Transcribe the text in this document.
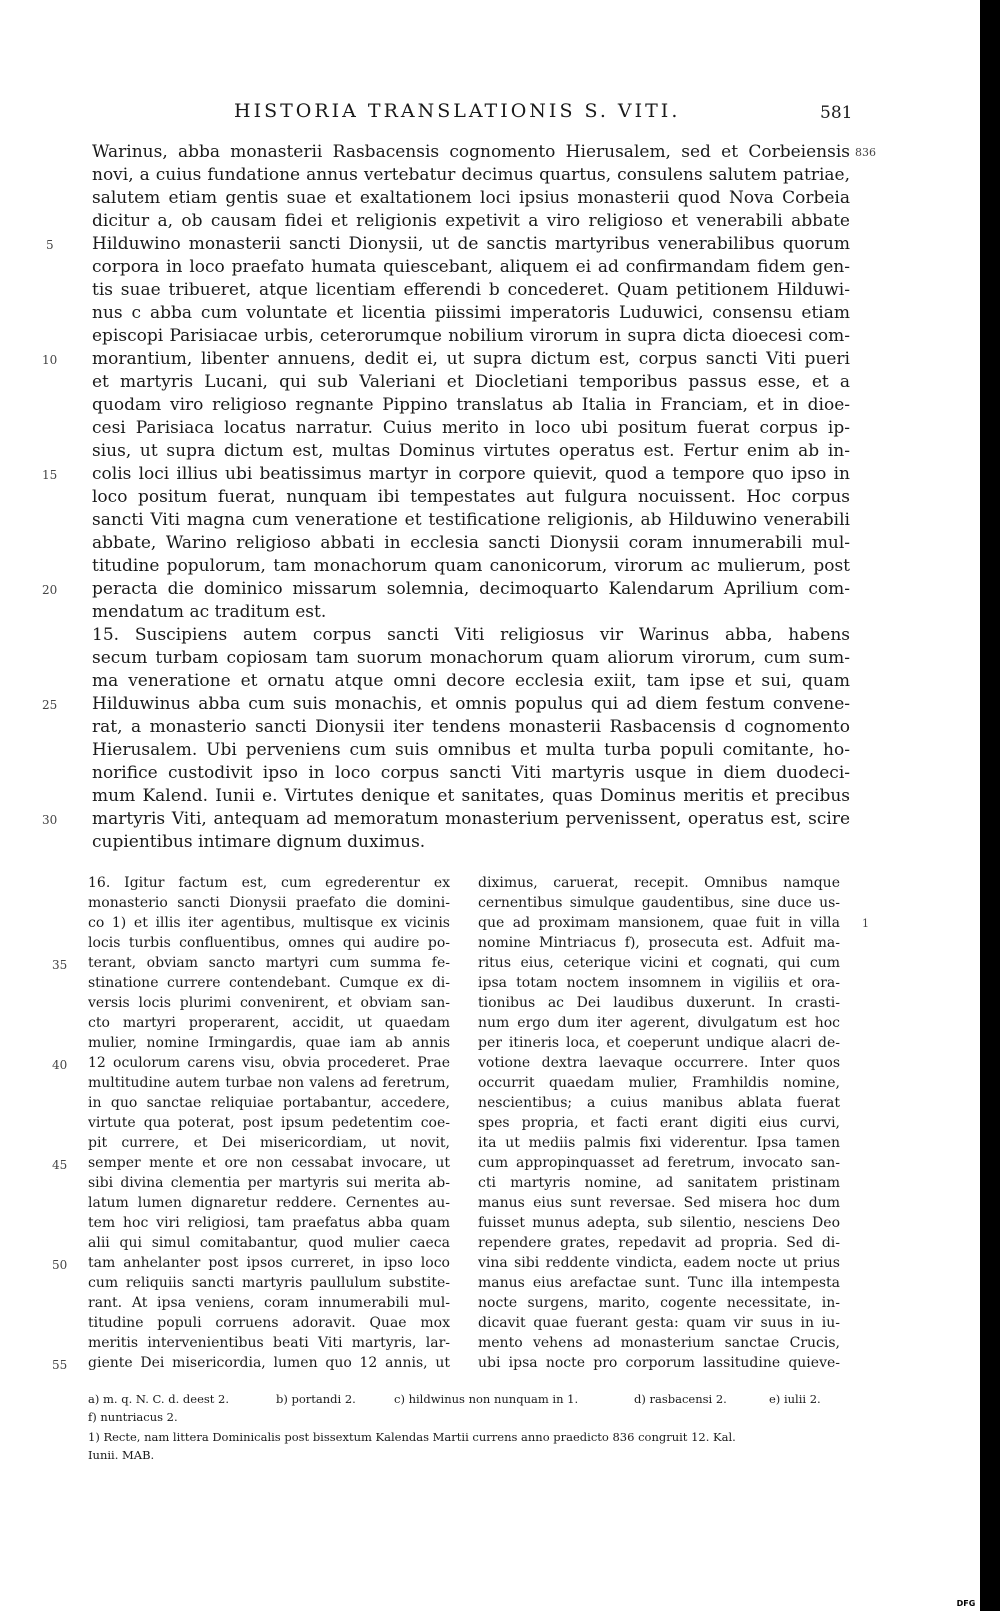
HISTORIA TRANSLATIONIS S. VITI.	581
Warinus, abba monasterii Rasbacensis cognomento Hierusalem, sed et Corbeiensis
novi, a cuius fundatione annus vertebatur decimus quartus, consulens salutem patriae,
salutem etiam gentis suae et exaltationem loci ipsius monasterii quod Nova Corbeia
dicitur a, ob causam fidei et religionis expetivit a viro religioso et venerabili abbate
Hilduwino monasterii sancti Dionysii, ut de sanctis martyribus venerabilibus quorum
corpora in loco praefato humata quiescebant, aliquem ei ad confirmandam fidem gen-
tis suae tribueret, atque licentiam efferendi b concederet. Quam petitionem Hilduwi-
nus c abba cum voluntate et licentia piissimi imperatoris Luduwici, consensu etiam
episcopi Parisiacae urbis, ceterorumque nobilium virorum in supra dicta dioecesi com-
morantium, libenter annuens, dedit ei, ut supra dictum est, corpus sancti Viti pueri
et martyris Lucani, qui sub Valeriani et Diocletiani temporibus passus esse, et a
quodam viro religioso regnante Pippino translatus ab Italia in Franciam, et in dioe-
cesi Parisiaca locatus narratur. Cuius merito in loco ubi positum fuerat corpus ip-
sius, ut supra dictum est, multas Dominus virtutes operatus est. Fertur enim ab in-
colis loci illius ubi beatissimus martyr in corpore quievit, quod a tempore quo ipso in
loco positum fuerat, nunquam ibi tempestates aut fulgura nocuissent. Hoc corpus
sancti Viti magna cum veneratione et testificatione religionis, ab Hilduwino venerabili
abbate, Warino religioso abbati in ecclesia sancti Dionysii coram innumerabili mul-
titudine populorum, tam monachorum quam canonicorum, virorum ac mulierum, post
peracta die dominico missarum solemnia, decimoquarto Kalendarum Aprilium com-
mendatum ac traditum est.
15. Suscipiens autem corpus sancti Viti religiosus vir Warinus abba, habens
secum turbam copiosam tam suorum monachorum quam aliorum virorum, cum sum-
ma veneratione et ornatu atque omni decore ecclesia exiit, tam ipse et sui, quam
Hilduwinus abba cum suis monachis, et omnis populus qui ad diem festum convene-
rat, a monasterio sancti Dionysii iter tendens monasterii Rasbacensis d cognomento
Hierusalem. Ubi perveniens cum suis omnibus et multa turba populi comitante, ho-
norifice custodivit ipso in loco corpus sancti Viti martyris usque in diem duodeci-
mum Kalend. Iunii e. Virtutes denique et sanitates, quas Dominus meritis et precibus
martyris Viti, antequam ad memoratum monasterium pervenissent, operatus est, scire
cupientibus intimare dignum duximus.
836
5
10
15
20
25
30
16. Igitur factum est, cum egrederentur ex
monasterio sancti Dionysii praefato die domini-
co 1) et illis iter agentibus, multisque ex vicinis
locis turbis confluentibus, omnes qui audire po-
terant, obviam sancto martyri cum summa fe-
stinatione currere contendebant. Cumque ex di-
versis locis plurimi convenirent, et obviam san-
cto martyri properarent, accidit, ut quaedam
mulier, nomine Irmingardis, quae iam ab annis
12 oculorum carens visu, obvia procederet. Prae
multitudine autem turbae non valens ad feretrum,
in quo sanctae reliquiae portabantur, accedere,
virtute qua poterat, post ipsum pedetentim coe-
pit currere, et Dei misericordiam, ut novit,
semper mente et ore non cessabat invocare, ut
sibi divina clementia per martyris sui merita ab-
latum lumen dignaretur reddere. Cernentes au-
tem hoc viri religiosi, tam praefatus abba quam
alii qui simul comitabantur, quod mulier caeca
tam anhelanter post ipsos curreret, in ipso loco
cum reliquiis sancti martyris paullulum substite-
rant. At ipsa veniens, coram innumerabili mul-
titudine populi corruens adoravit. Quae mox
meritis intervenientibus beati Viti martyris, lar-
giente Dei misericordia, lumen quo 12 annis, ut
diximus, caruerat, recepit. Omnibus namque
cernentibus simulque gaudentibus, sine duce us-
que ad proximam mansionem, quae fuit in villa
nomine Mintriacus f), prosecuta est. Adfuit ma-
ritus eius, ceterique vicini et cognati, qui cum
ipsa totam noctem insomnem in vigiliis et ora-
tionibus ac Dei laudibus duxerunt. In crasti-
num ergo dum iter agerent, divulgatum est hoc
per itineris loca, et coeperunt undique alacri de-
votione dextra laevaque occurrere. Inter quos
occurrit quaedam mulier, Framhildis nomine,
nescientibus; a cuius manibus ablata fuerat
spes propria, et facti erant digiti eius curvi,
ita ut mediis palmis fixi viderentur. Ipsa tamen
cum appropinquasset ad feretrum, invocato san-
cti martyris nomine, ad sanitatem pristinam
manus eius sunt reversae. Sed misera hoc dum
fuisset munus adepta, sub silentio, nesciens Deo
rependere grates, repedavit ad propria. Sed di-
vina sibi reddente vindicta, eadem nocte ut prius
manus eius arefactae sunt. Tunc illa intempesta
nocte surgens, marito, cogente necessitate, in-
dicavit quae fuerant gesta: quam vir suus in iu-
mento vehens ad monasterium sanctae Crucis,
ubi ipsa nocte pro corporum lassitudine quieve-
35
40
45
50
55
1
a) m. q. N. C. d. deest 2.	b) portandi 2.	c) hildwinus non nunquam in 1.	d) rasbacensi 2.	e) iulii 2.
f) nuntriacus 2.
1) Recte, nam littera Dominicalis post bissextum Kalendas Martii currens anno praedicto 836 congruit 12. Kal.
Iunii. MAB.
Digitalisierung gefördert durch die Deutsche Forschungsgemeinschaft -	DFG
